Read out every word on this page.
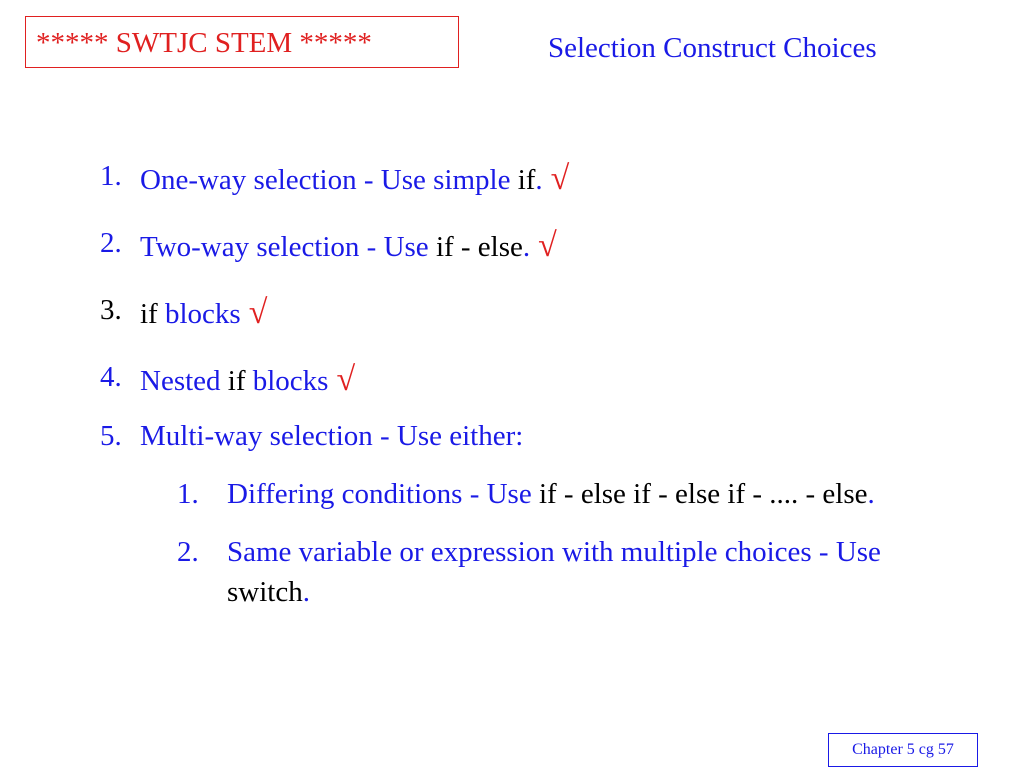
***** SWTJC STEM *****	Selection Construct Choices
1. One-way selection - Use simple if. √
2. Two-way selection - Use if - else. √
3. if blocks √
4. Nested if blocks √
5. Multi-way selection - Use either:
1. Differing conditions - Use if - else if - else if - .... - else.
2. Same variable or expression with multiple choices - Use
switch.
Chapter 5 cg 57
